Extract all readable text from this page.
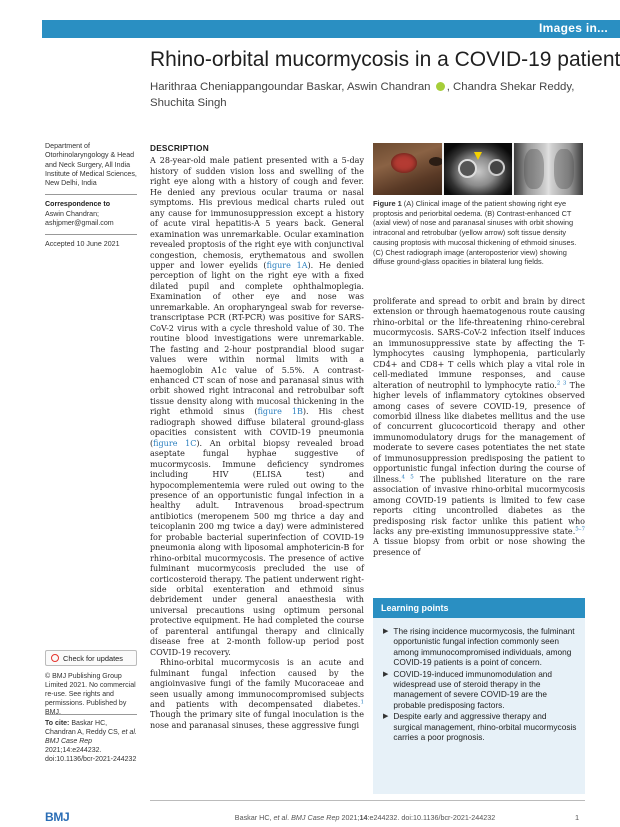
Images in...
Rhino-orbital mucormycosis in a COVID-19 patient
Harithraa Cheniappangoundar Baskar, Aswin Chandran , Chandra Shekar Reddy,
Shuchita Singh
Department of Otorhinolaryngology & Head and Neck Surgery, All India Institute of Medical Sciences, New Delhi, India
Correspondence to
Aswin Chandran;
ashjpmer@gmail.com
Accepted 10 June 2021
Check for updates
© BMJ Publishing Group Limited 2021. No commercial re-use. See rights and permissions. Published by BMJ.
To cite: Baskar HC, Chandran A, Reddy CS, et al. BMJ Case Rep 2021;14:e244232. doi:10.1136/bcr-2021-244232
DESCRIPTION

A 28-year-old male patient presented with a 5-day history of sudden vision loss and swelling of the right eye along with a history of cough and fever. He denied any previous ocular trauma or nasal symptoms. His previous medical charts ruled out any cause for immunosuppression except a history of acute viral hepatitis-A 5 years back. General examination was unremarkable. Ocular examination revealed proptosis of the right eye with conjunctival congestion, chemosis, erythematous and swollen upper and lower eyelids (figure 1A). He denied perception of light on the right eye with a fixed dilated pupil and complete ophthalmoplegia. Examination of other eye and nose was unremarkable. An oropharyngeal swab for reverse-transcriptase PCR (RT-PCR) was positive for SARS-CoV-2 virus with a cycle threshold value of 30. The routine blood investigations were unremarkable. The fasting and 2-hour postprandial blood sugar values were within normal limits with a haemoglobin A1c value of 5.5%. A contrast-enhanced CT scan of nose and paranasal sinus with orbit showed right intraconal and retrobulbar soft tissue density along with mucosal thickening in the right ethmoid sinus (figure 1B). His chest radiograph showed diffuse bilateral ground-glass opacities consistent with COVID-19 pneumonia (figure 1C). An orbital biopsy revealed broad aseptate fungal hyphae suggestive of mucormycosis. Immune deficiency syndromes including HIV (ELISA test) and hypocomplementemia were ruled out owing to the presence of an opportunistic fungal infection in a healthy adult. Intravenous broad-spectrum antibiotics (meropenem 500 mg thrice a day and teicoplanin 200 mg twice a day) were administered for probable bacterial superinfection of COVID-19 pneumonia along with liposomal amphotericin-B for rhino-orbital mucormycosis. The presence of active fulminant mucormycosis precluded the use of corticosteroid therapy. The patient underwent right-side orbital exenteration and ethmoid sinus debridement under general anaesthesia with universal precautions using optimum personal protective equipment. He had completed the course of parenteral antifungal therapy and clinically disease free at 2-month follow-up period post COVID-19 recovery.

Rhino-orbital mucormycosis is an acute and fulminant fungal infection caused by the angioinvasive fungi of the family Mucoraceae and seen usually among immunocompromised subjects and patients with decompensated diabetes.$^1$ Though the primary site of fungal inoculation is the nose and paranasal sinuses, these aggressive fungi

Figure 1 (A) Clinical image of the patient showing right eye proptosis and periorbital oedema. (B) Contrast-enhanced CT (axial view) of nose and paranasal sinuses with orbit showing intraconal and retrobulbar (yellow arrow) soft tissue density causing proptosis with mucosal thickening of ethmoid sinuses. (C) Chest radiograph image (anteroposterior view) showing diffuse ground-glass opacities in bilateral lung fields.

proliferate and spread to orbit and brain by direct extension or through haematogenous route causing rhino-orbital or the life-threatening rhino-cerebral mucormycosis. SARS-CoV-2 infection itself induces an immunosuppressive state by affecting the T-lymphocytes causing lymphopenia, particularly CD4+ and CD8+ T cells which play a vital role in cell-mediated immune responses, and cause alteration of neutrophil to lymphocyte ratio.$^{2 3}$ The higher levels of inflammatory cytokines observed among cases of severe COVID-19, presence of comorbid illness like diabetes mellitus and the use of concurrent glucocorticoid therapy and other immunomodulatory drugs for the management of moderate to severe cases potentiates the net state of immunosuppression predisposing the patient to opportunistic fungal infection during the course of illness.$^{4 5}$ The published literature on the rare association of invasive rhino-orbital mucormycosis among COVID-19 patients is limited to few case reports citing uncontrolled diabetes as the predisposing risk factor unlike this patient who lacks any pre-existing immunosuppressive state.$^{5-7}$ A tissue biopsy from orbit or nose showing the presence of

Learning points
▶ The rising incidence mucormycosis, the fulminant opportunistic fungal infection commonly seen among immunocompromised individuals, among COVID-19 patients is a point of concern.
▶ COVID-19-induced immunomodulation and widespread use of steroid therapy in the management of severe COVID-19 are the probable predisposing factors.
▶ Despite early and aggressive therapy and surgical management, rhino-orbital mucormycosis carries a poor prognosis.
BMJ	Baskar HC, et al. BMJ Case Rep 2021;14:e244232. doi:10.1136/bcr-2021-244232	1
